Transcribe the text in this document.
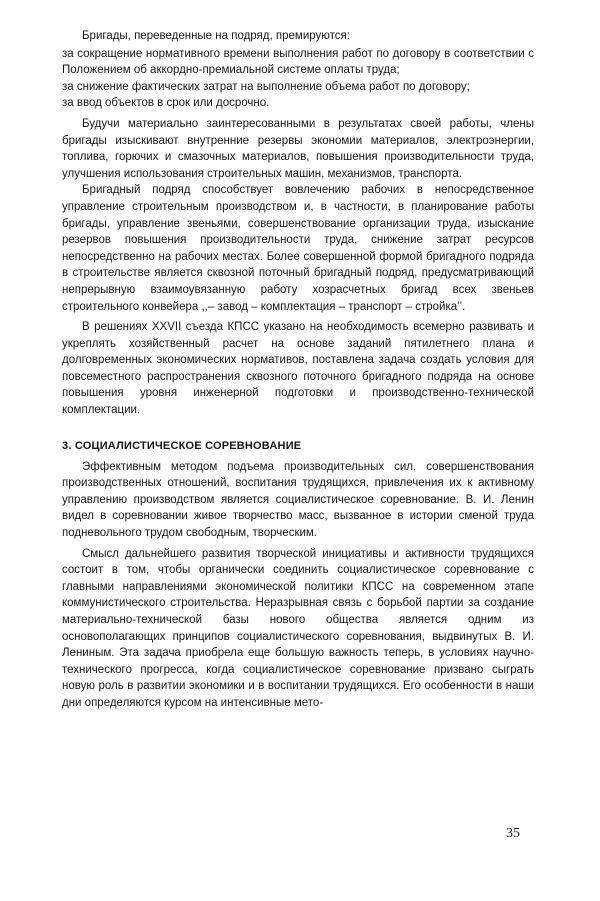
Бригады, переведенные на подряд, премируются:

за сокращение нормативного времени выполнения работ по договору в соответствии с Положением об аккордно-премиальной системе оплаты труда;

за снижение фактических затрат на выполнение объема работ по договору;

за ввод объектов в срок или досрочно.

Будучи материально заинтересованными в результатах своей работы, члены бригады изыскивают внутренние резервы экономии материалов, электроэнергии, топлива, горючих и смазочных материалов, повышения производительности труда, улучшения использования строительных машин, механизмов, транспорта.

Бригадный подряд способствует вовлечению рабочих в непосредственное управление строительным производством и, в частности, в планирование работы бригады, управление звеньями, совершенствование организации труда, изыскание резервов повышения производительности труда, снижение затрат ресурсов непосредственно на рабочих местах. Более совершенной формой бригадного подряда в строительстве является сквозной поточный бригадный подряд, предусматривающий непрерывную взаимоувязанную работу хозрасчетных бригад всех звеньев строительного конвейера ,,– завод – комплектация – транспорт – стройка’’.

В решениях XXVII съезда КПСС указано на необходимость всемерно развивать и укреплять хозяйственный расчет на основе заданий пятилетнего плана и долговременных экономических нормативов, поставлена задача создать условия для повсеместного распространения сквозного поточного бригадного подряда на основе повышения уровня инженерной подготовки и производственно-технической комплектации.

3. СОЦИАЛИСТИЧЕСКОЕ СОРЕВНОВАНИЕ

Эффективным методом подъема производительных сил, совершенствования производственных отношений, воспитания трудящихся, привлечения их к активному управлению производством является социалистическое соревнование. В. И. Ленин видел в соревновании живое творчество масс, вызванное в истории сменой труда подневольного трудом свободным, творческим.

Смысл дальнейшего развития творческой инициативы и активности трудящихся состоит в том, чтобы органически соединить социалистическое соревнование с главными направлениями экономической политики КПСС на современном этапе коммунистического строительства. Неразрывная связь с борьбой партии за создание материально-технической базы нового общества является одним из основополагающих принципов социалистического соревнования, выдвинутых В. И. Лениным. Эта задача приобрела еще большую важность теперь, в условиях научно-технического прогресса, когда социалистическое соревнование призвано сыграть новую роль в развитии экономики и в воспитании трудящихся. Его особенности в наши дни определяются курсом на интенсивные мето-

35
